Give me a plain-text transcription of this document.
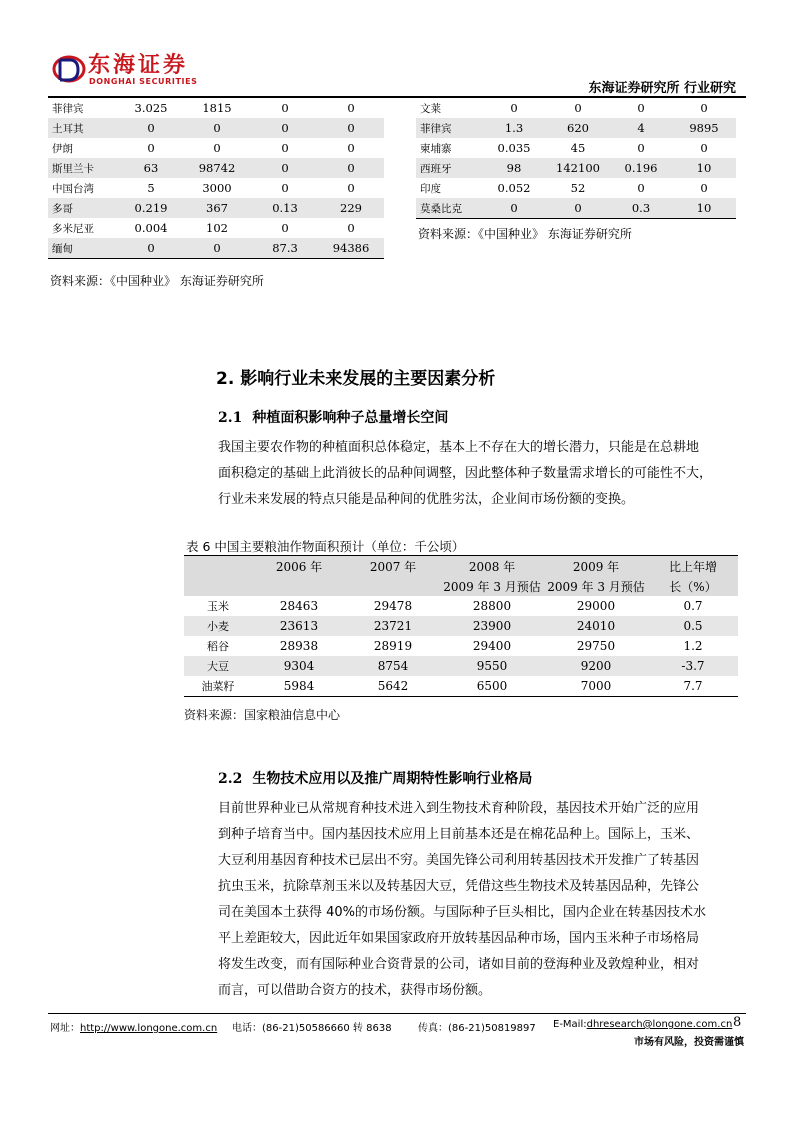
东海证券
DONGHAI SECURITIES	东海证券研究所 行业研究
菲律宾	3.025	1815	0	0
土耳其	0	0	0	0
伊朗	0	0	0	0
斯里兰卡	63	98742	0	0
中国台湾	5	3000	0	0
多哥	0.219	367	0.13	229
多米尼亚	0.004	102	0	0
缅甸	0	0	87.3	94386
资料来源：《中国种业》 东海证券研究所
文莱	0	0	0	0
菲律宾	1.3	620	4	9895
柬埔寨	0.035	45	0	0
西班牙	98	142100	0.196	10
印度	0.052	52	0	0
莫桑比克	0	0	0.3	10
资料来源：《中国种业》 东海证券研究所
2. 影响行业未来发展的主要因素分析
2.1 种植面积影响种子总量增长空间
我国主要农作物的种植面积总体稳定，基本上不存在大的增长潜力，只能是在总耕地
面积稳定的基础上此消彼长的品种间调整，因此整体种子数量需求增长的可能性不大，
行业未来发展的特点只能是品种间的优胜劣汰，企业间市场份额的变换。
表 6 中国主要粮油作物面积预计（单位：千公顷）
	2006 年	2007 年	2008 年	2009 年	比上年增
			2009 年 3 月预估	2009 年 3 月预估	长（%）
玉米	28463	29478	28800	29000	0.7
小麦	23613	23721	23900	24010	0.5
稻谷	28938	28919	29400	29750	1.2
大豆	9304	8754	9550	9200	-3.7
油菜籽	5984	5642	6500	7000	7.7
资料来源：国家粮油信息中心
2.2 生物技术应用以及推广周期特性影响行业格局
目前世界种业已从常规育种技术进入到生物技术育种阶段，基因技术开始广泛的应用
到种子培育当中。国内基因技术应用上目前基本还是在棉花品种上。国际上，玉米、
大豆利用基因育种技术已层出不穷。美国先锋公司利用转基因技术开发推广了转基因
抗虫玉米，抗除草剂玉米以及转基因大豆，凭借这些生物技术及转基因品种，先锋公
司在美国本土获得 40%的市场份额。与国际种子巨头相比，国内企业在转基因技术水
平上差距较大，因此近年如果国家政府开放转基因品种市场，国内玉米种子市场格局
将发生改变，而有国际种业合资背景的公司，诸如目前的登海种业及敦煌种业，相对
而言，可以借助合资方的技术，获得市场份额。
网址：http://www.longone.com.cn 电话：(86-21)50586660 转 8638	传真：(86-21)50819897 E-Mail:dhresearch@longone.com.cn 8
市场有风险，投资需谨慎
